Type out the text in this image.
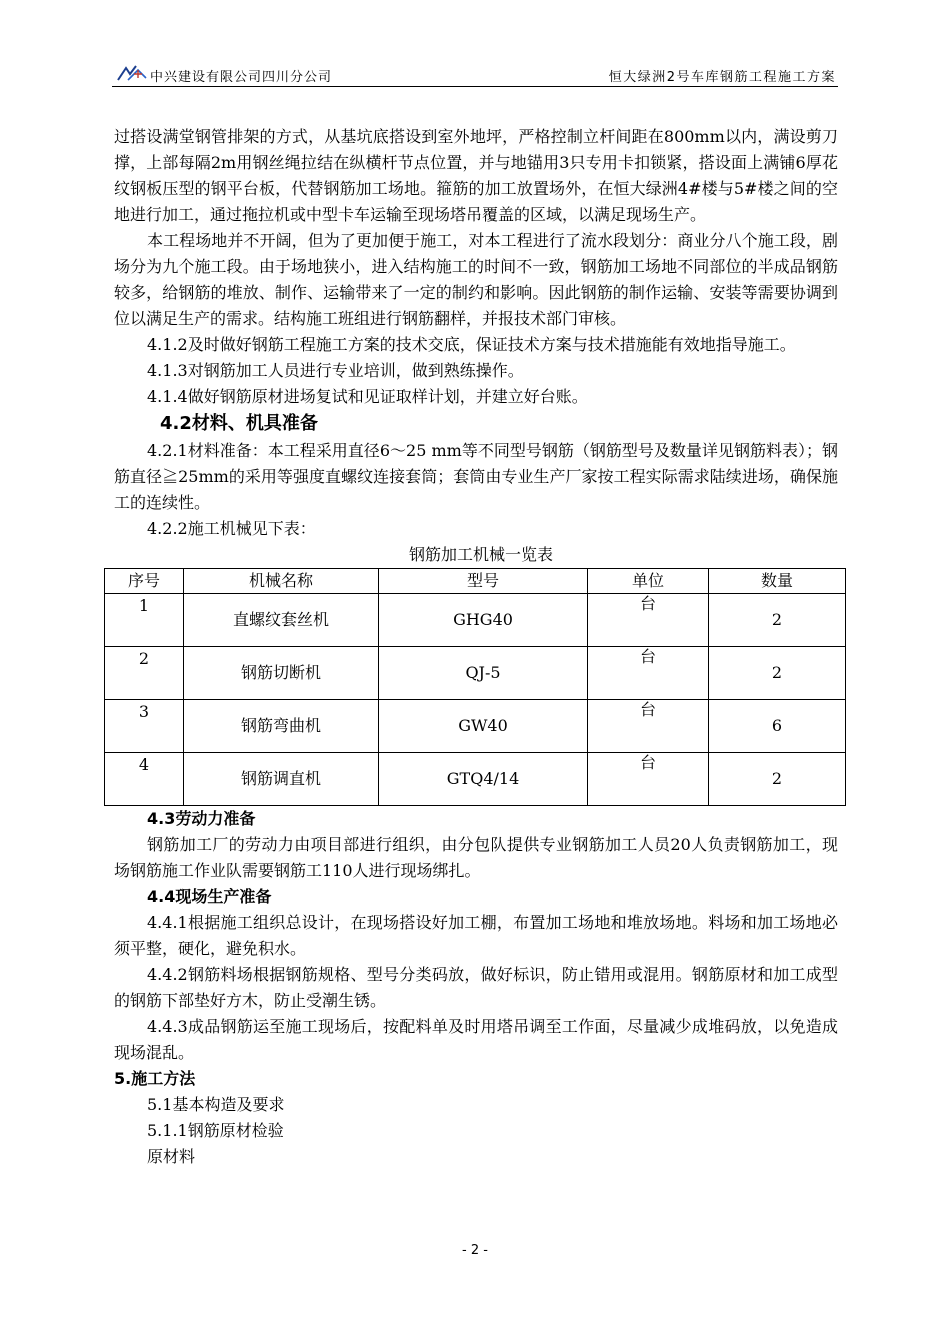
中兴建设有限公司四川分公司	恒大绿洲2号车库钢筋工程施工方案

过搭设满堂钢管排架的方式，从基坑底搭设到室外地坪，严格控制立杆间距在800mm以内，满设剪刀撑，上部每隔2m用钢丝绳拉结在纵横杆节点位置，并与地锚用3只专用卡扣锁紧，搭设面上满铺6厚花纹钢板压型的钢平台板，代替钢筋加工场地。箍筋的加工放置场外，在恒大绿洲4#楼与5#楼之间的空地进行加工，通过拖拉机或中型卡车运输至现场塔吊覆盖的区域，以满足现场生产。

本工程场地并不开阔，但为了更加便于施工，对本工程进行了流水段划分：商业分八个施工段，剧场分为九个施工段。由于场地狭小，进入结构施工的时间不一致，钢筋加工场地不同部位的半成品钢筋较多，给钢筋的堆放、制作、运输带来了一定的制约和影响。因此钢筋的制作运输、安装等需要协调到位以满足生产的需求。结构施工班组进行钢筋翻样，并报技术部门审核。

4.1.2及时做好钢筋工程施工方案的技术交底，保证技术方案与技术措施能有效地指导施工。

4.1.3对钢筋加工人员进行专业培训，做到熟练操作。

4.1.4做好钢筋原材进场复试和见证取样计划，并建立好台账。

4.2材料、机具准备

4.2.1材料准备：本工程采用直径6～25 mm等不同型号钢筋（钢筋型号及数量详见钢筋料表）；钢筋直径≧25mm的采用等强度直螺纹连接套筒；套筒由专业生产厂家按工程实际需求陆续进场，确保施工的连续性。

4.2.2施工机械见下表：

钢筋加工机械一览表

序号	机械名称	型号	单位	数量
1	直螺纹套丝机	GHG40	台	2
2	钢筋切断机	QJ-5	台	2
3	钢筋弯曲机	GW40	台	6
4	钢筋调直机	GTQ4/14	台	2

4.3劳动力准备

钢筋加工厂的劳动力由项目部进行组织，由分包队提供专业钢筋加工人员20人负责钢筋加工，现场钢筋施工作业队需要钢筋工110人进行现场绑扎。

4.4现场生产准备

4.4.1根据施工组织总设计，在现场搭设好加工棚，布置加工场地和堆放场地。料场和加工场地必须平整，硬化，避免积水。

4.4.2钢筋料场根据钢筋规格、型号分类码放，做好标识，防止错用或混用。钢筋原材和加工成型的钢筋下部垫好方木，防止受潮生锈。

4.4.3成品钢筋运至施工现场后，按配料单及时用塔吊调至工作面，尽量减少成堆码放，以免造成现场混乱。

5.施工方法

5.1基本构造及要求

5.1.1钢筋原材检验

原材料

- 2 -
